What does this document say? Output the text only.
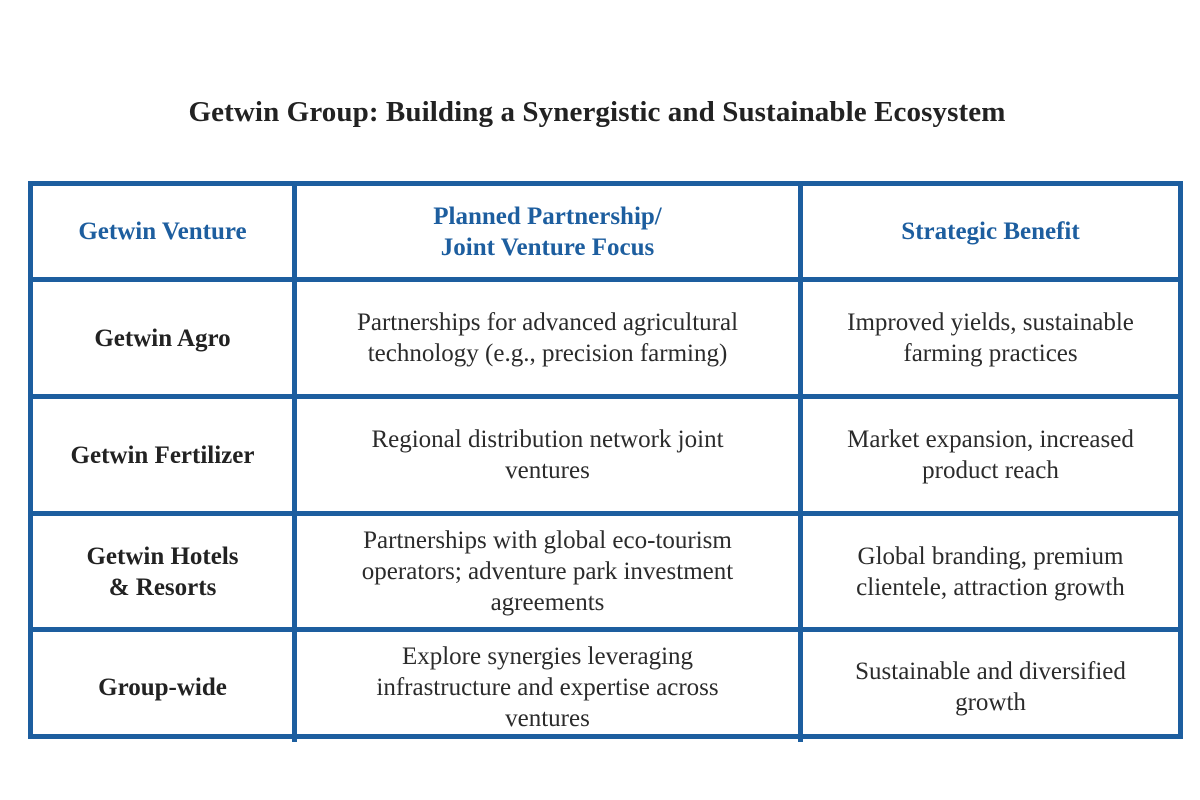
Getwin Group: Building a Synergistic and Sustainable Ecosystem
Getwin Venture
Planned Partnership/
Joint Venture Focus
Strategic Benefit
Getwin Agro
Partnerships for advanced agricultural
technology (e.g., precision farming)
Improved yields, sustainable
farming practices
Getwin Fertilizer
Regional distribution network joint
ventures
Market expansion, increased
product reach
Getwin Hotels
& Resorts
Partnerships with global eco-tourism
operators; adventure park investment
agreements
Global branding, premium
clientele, attraction growth
Group-wide
Explore synergies leveraging
infrastructure and expertise across
ventures
Sustainable and diversified
growth
